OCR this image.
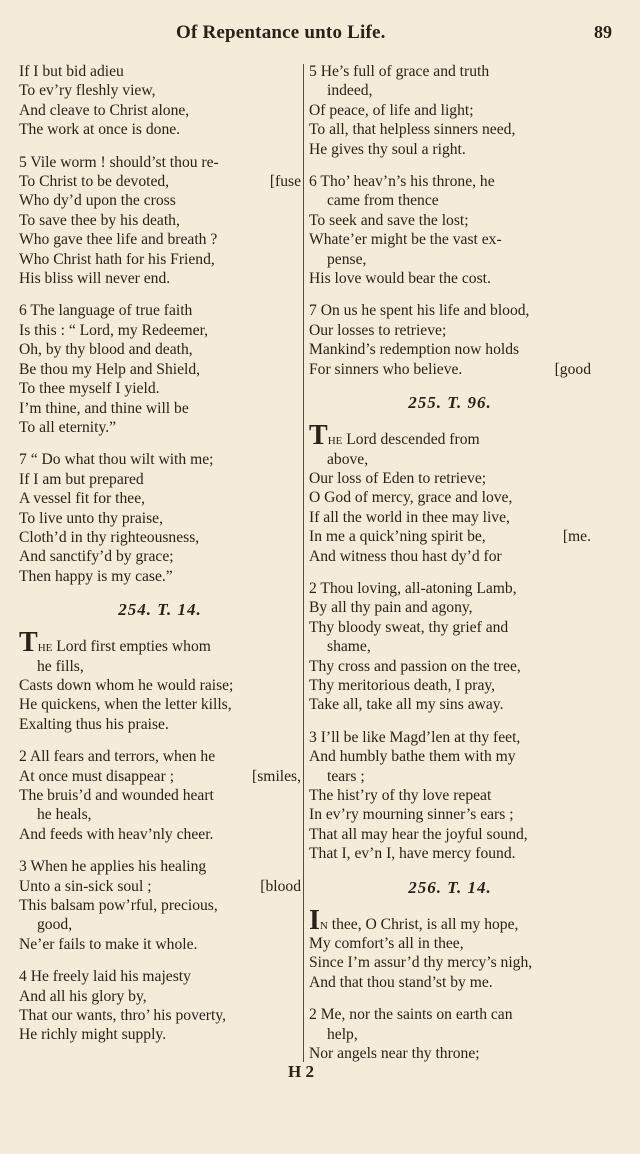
Of Repentance unto Life.	89
If I but bid adieu
To ev’ry fleshly view,
And cleave to Christ alone,
The work at once is done.
5 Vile worm ! should’st thou re-
To Christ to be devoted,	[fuse
Who dy’d upon the cross
To save thee by his death,
Who gave thee life and breath ?
Who Christ hath for his Friend,
His bliss will never end.
6 The language of true faith
Is this : “ Lord, my Redeemer,
Oh, by thy blood and death,
Be thou my Help and Shield,
To thee myself I yield.
I’m thine, and thine will be
To all eternity.”
7 “ Do what thou wilt with me;
If I am but prepared
A vessel fit for thee,
To live unto thy praise,
Cloth’d in thy righteousness,
And sanctify’d by grace;
Then happy is my case.”
254. T. 14.
The Lord first empties whom
he fills,
Casts down whom he would raise;
He quickens, when the letter kills,
Exalting thus his praise.
2 All fears and terrors, when he
At once must disappear ;	[smiles,
The bruis’d and wounded heart
he heals,
And feeds with heav’nly cheer.
3 When he applies his healing
Unto a sin-sick soul ;	[blood
This balsam pow’rful, precious,
good,
Ne’er fails to make it whole.
4 He freely laid his majesty
And all his glory by,
That our wants, thro’ his poverty,
He richly might supply.
5 He’s full of grace and truth
indeed,
Of peace, of life and light;
To all, that helpless sinners need,
He gives thy soul a right.
6 Tho’ heav’n’s his throne, he
came from thence
To seek and save the lost;
Whate’er might be the vast ex-
pense,
His love would bear the cost.
7 On us he spent his life and blood,
Our losses to retrieve;
Mankind’s redemption now holds
For sinners who believe.	[good
255. T. 96.
The Lord descended from
above,
Our loss of Eden to retrieve;
O God of mercy, grace and love,
If all the world in thee may live,
In me a quick’ning spirit be,	[me.
And witness thou hast dy’d for
2 Thou loving, all-atoning Lamb,
By all thy pain and agony,
Thy bloody sweat, thy grief and
shame,
Thy cross and passion on the tree,
Thy meritorious death, I pray,
Take all, take all my sins away.
3 I’ll be like Magd’len at thy feet,
And humbly bathe them with my
tears ;
The hist’ry of thy love repeat
In ev’ry mourning sinner’s ears ;
That all may hear the joyful sound,
That I, ev’n I, have mercy found.
256. T. 14.
In thee, O Christ, is all my hope,
My comfort’s all in thee,
Since I’m assur’d thy mercy’s nigh,
And that thou stand’st by me.
2 Me, nor the saints on earth can
help,
Nor angels near thy throne;
H 2
